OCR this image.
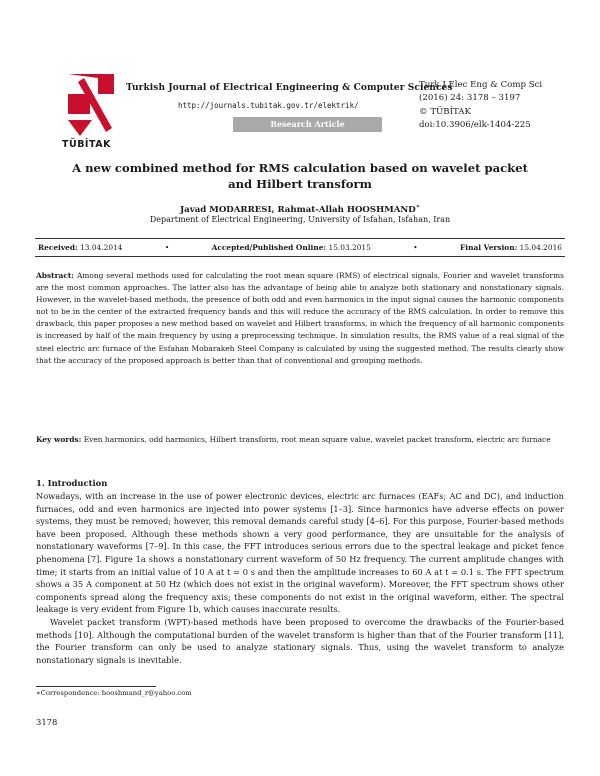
TÜBİTAK
Turkish Journal of Electrical Engineering & Computer Sciences
http://journals.tubitak.gov.tr/elektrik/
Research Article
Turk J Elec Eng & Comp Sci
(2016) 24: 3178 – 3197
© TÜBİTAK
doi:10.3906/elk-1404-225
A new combined method for RMS calculation based on wavelet packet and Hilbert transform
Javad MODARRESI, Rahmat-Allah HOOSHMAND∗
Department of Electrical Engineering, University of Isfahan, Isfahan, Iran
Received: 13.04.2014	•	Accepted/Published Online: 15.03.2015	•	Final Version: 15.04.2016
Abstract: Among several methods used for calculating the root mean square (RMS) of electrical signals, Fourier and wavelet transforms are the most common approaches. The latter also has the advantage of being able to analyze both stationary and nonstationary signals. However, in the wavelet-based methods, the presence of both odd and even harmonics in the input signal causes the harmonic components not to be in the center of the extracted frequency bands and this will reduce the accuracy of the RMS calculation. In order to remove this drawback, this paper proposes a new method based on wavelet and Hilbert transforms, in which the frequency of all harmonic components is increased by half of the main frequency by using a preprocessing technique. In simulation results, the RMS value of a real signal of the steel electric arc furnace of the Esfahan Mobarakeh Steel Company is calculated by using the suggested method. The results clearly show that the accuracy of the proposed approach is better than that of conventional and grouping methods.
Key words: Even harmonics, odd harmonics, Hilbert transform, root mean square value, wavelet packet transform, electric arc furnace
1. Introduction

Nowadays, with an increase in the use of power electronic devices, electric arc furnaces (EAFs; AC and DC), and induction furnaces, odd and even harmonics are injected into power systems [1–3]. Since harmonics have adverse effects on power systems, they must be removed; however, this removal demands careful study [4–6]. For this purpose, Fourier-based methods have been proposed. Although these methods shown a very good performance, they are unsuitable for the analysis of nonstationary waveforms [7–9]. In this case, the FFT introduces serious errors due to the spectral leakage and picket fence phenomena [7]. Figure 1a shows a nonstationary current waveform of 50 Hz frequency. The current amplitude changes with time; it starts from an initial value of 10 A at t = 0 s and then the amplitude increases to 60 A at t = 0.1 s. The FFT spectrum shows a 35 A component at 50 Hz (which does not exist in the original waveform). Moreover, the FFT spectrum shows other components spread along the frequency axis; these components do not exist in the original waveform, either. The spectral leakage is very evident from Figure 1b, which causes inaccurate results.

Wavelet packet transform (WPT)-based methods have been proposed to overcome the drawbacks of the Fourier-based methods [10]. Although the computational burden of the wavelet transform is higher than that of the Fourier transform [11], the Fourier transform can only be used to analyze stationary signals. Thus, using the wavelet transform to analyze nonstationary signals is inevitable.

∗Correspondence: hooshmand_r@yahoo.com
3178
